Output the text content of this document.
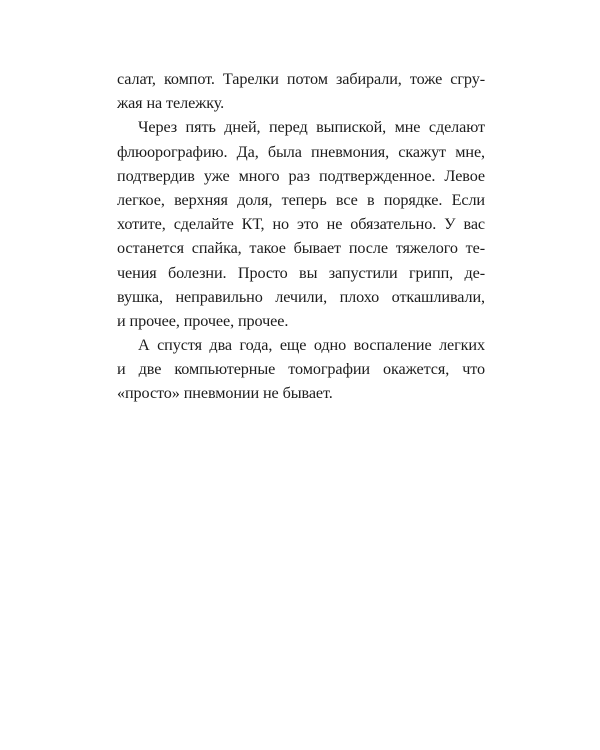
салат, компот. Тарелки потом забирали, тоже сгру-
жая на тележку.
Через пять дней, перед выпиской, мне сделают
флюорографию. Да, была пневмония, скажут мне,
подтвердив уже много раз подтвержденное. Левое
легкое, верхняя доля, теперь все в порядке. Если
хотите, сделайте КТ, но это не обязательно. У вас
останется спайка, такое бывает после тяжелого те-
чения болезни. Просто вы запустили грипп, де-
вушка, неправильно лечили, плохо откашливали,
и прочее, прочее, прочее.
А спустя два года, еще одно воспаление легких
и две компьютерные томографии окажется, что
«просто» пневмонии не бывает.
